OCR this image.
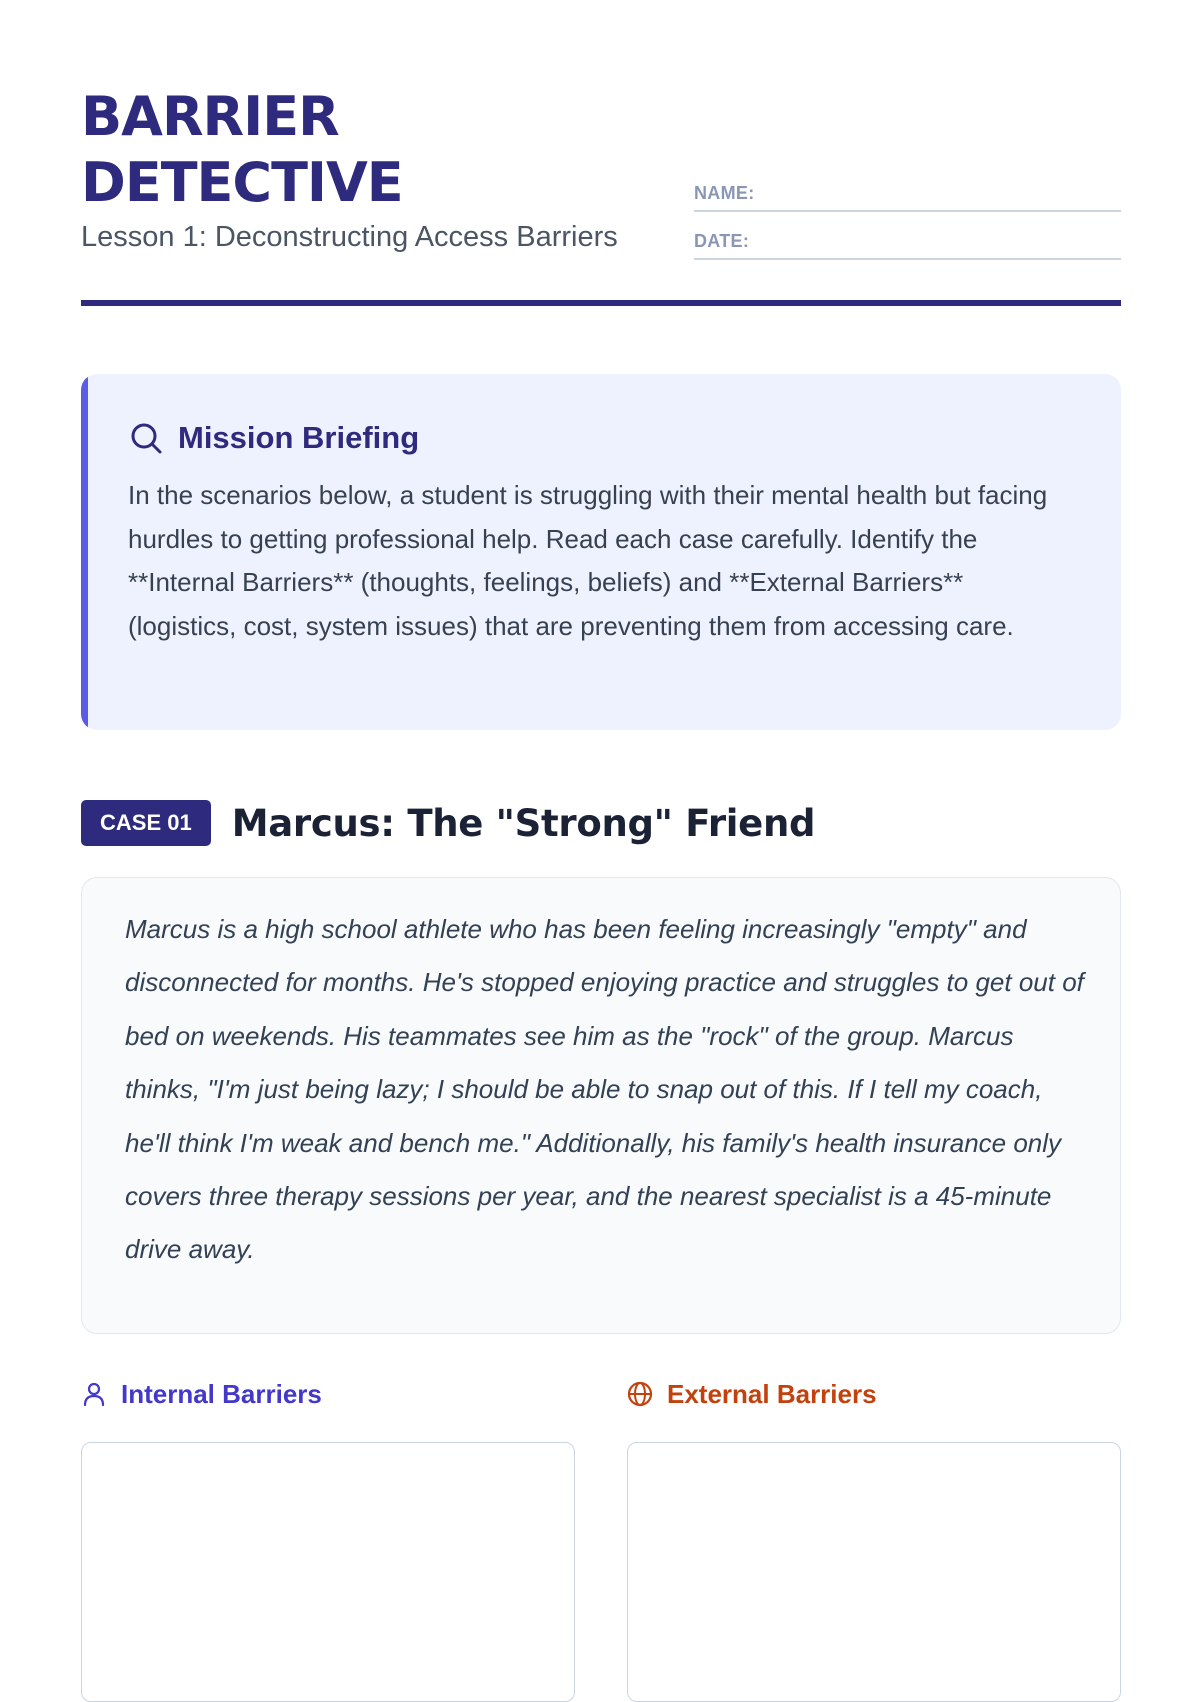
BARRIER
DETECTIVE
Lesson 1: Deconstructing Access Barriers
NAME:
DATE:
Mission Briefing

In the scenarios below, a student is struggling with their mental health but facing hurdles to getting professional help. Read each case carefully. Identify the **Internal Barriers** (thoughts, feelings, beliefs) and **External Barriers** (logistics, cost, system issues) that are preventing them from accessing care.

CASE 01	Marcus: The "Strong" Friend

Marcus is a high school athlete who has been feeling increasingly "empty" and disconnected for months. He's stopped enjoying practice and struggles to get out of bed on weekends. His teammates see him as the "rock" of the group. Marcus thinks, "I'm just being lazy; I should be able to snap out of this. If I tell my coach, he'll think I'm weak and bench me." Additionally, his family's health insurance only covers three therapy sessions per year, and the nearest specialist is a 45-minute drive away.

Internal Barriers	External Barriers
